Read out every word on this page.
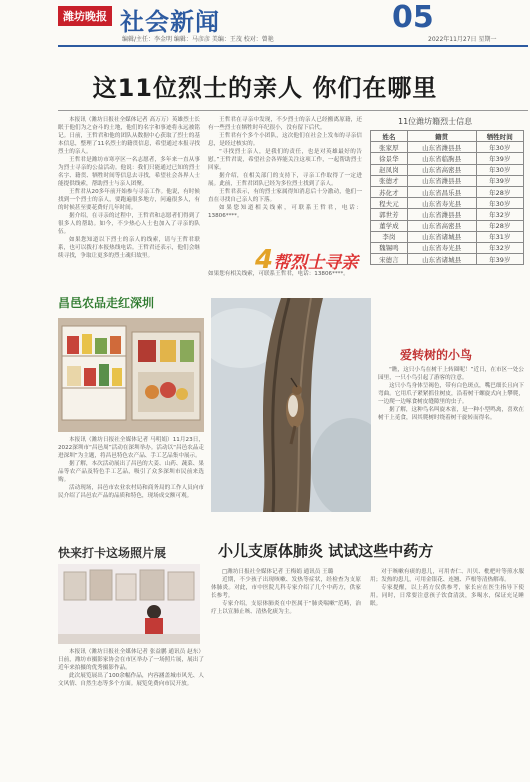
潍坊晚报 社会新闻	05
编辑/主任：李金明 编辑：马彦彦 美编：王茂 校对：曾艳	2022年11月27日 星期一
这11位烈士的亲人 你们在哪里

本报讯（潍坊日报社全媒体记者 高万万）英雄烈士长眠于他们为之奋斗的土地，他们的名字和事迹将永远被铭记。日前，王哲君和他的团队从数据中心获取了烈士的基本信息，整理了11名烈士的籍贯信息，希望通过本报寻找烈士的亲人。

王哲君是潍坊市寒亭区一名志愿者，多年来一直从事为烈士寻亲的公益活动。他说：我们只能通过已知的烈士名字、籍贯、牺牲时间等信息去寻找，希望社会各界人士能提供线索，帮助烈士与亲人团聚。

王哲君从20多年前开始参与寻亲工作。他说，有时候找到一个烈士的亲人，要跑遍很多地方，问遍很多人，有的时候甚至要花费好几年时间。

据介绍，在寻亲的过程中，王哲君和志愿者们得到了很多人的帮助。如今，不少热心人士也加入了寻亲的队伍。

如果您知道以下烈士的亲人的线索，请与王哲君联系，也可以拨打本报热线电话。王哲君还表示，他们会继续寻找，争取让更多的烈士魂归故里。

王哲君在寻亲中发现，不少烈士的亲人已经搬离原籍，还有一些烈士在牺牲时年纪很小，没有留下后代。

王哲君有个多个小团队，这次他们在社会上发布的寻亲信息，是经过核实的。

“寻找烈士亲人，是我们的责任，也是对英雄最好的告慰。”王哲君说，希望社会各界能关注这项工作，一起帮助烈士回家。

据介绍，在相关部门的支持下，寻亲工作取得了一定进展。此前，王哲君团队已经为多位烈士找到了亲人。

王哲君表示，有的烈士家属得知消息后十分激动，他们一直在寻找自己亲人的下落。

如果您知道相关线索，可联系王哲君，电话：13806****。

11位潍坊籍烈士信息
姓名	籍贯	牺牲时间
张家厚	山东省潍县县	年30岁
徐景华	山东省临朐县	年39岁
赵凤岗	山东省高密县	年30岁
张德才	山东省潍县县	年39岁
苏化才	山东省昌乐县	年28岁
程夫元	山东省寿光县	年30岁
郭世芳	山东省潍县县	年32岁
董学成	山东省高密县	年28岁
李岗	山东省诸城县	年31岁
魏锡鸣	山东省寿光县	年32岁
宋德言	山东省诸城县	年39岁
4帮烈士寻亲
如果您有相关线索，可联系王哲君，电话：13806****。
昌邑农品走红深圳

本报讯（潍坊日报社全媒体记者 马明娟）11月23日，2022深圳市“昌邑周”活动在深圳举办。活动以“昌邑农品走进深圳”为主题，将昌邑特色农产品、手工艺品集中展示。

据了解，本次活动展出了昌邑的大姜、山药、蔬菜、果品等农产品及特色手工艺品，吸引了众多深圳市民前来选购。

活动现场，昌邑市农业农村局和商务局的工作人员向市民介绍了昌邑农产品的品质和特色，现场成交额可观。

爱转树的小鸟

“瞧，这只小鸟在树干上转圈呢！”近日，在市区一处公园里，一只小鸟引起了游客的注意。

这只小鸟身体呈褐色，带有白色斑点，嘴巴细长且向下弯曲。它用爪子紧紧抓住树皮，沿着树干螺旋式向上攀爬，一边爬一边啄食树皮缝隙里的虫子。

据了解，这种鸟名叫旋木雀，是一种小型鸣禽，喜欢在树干上觅食，因其爬树时绕着树干旋转而得名。

快来打卡这场照片展

本报讯（潍坊日报社全媒体记者 张益鹏 通讯员 赵东）日前，潍坊市摄影家协会在市区举办了一场照片展，展出了近年来拍摄的优秀摄影作品。

此次展览展出了100余幅作品，内容涵盖城市风光、人文风情、自然生态等多个方面。展览免费向市民开放。

小儿支原体肺炎 试试这些中药方

□潍坊日报社全媒体记者 王梅娟 通讯员 王璐

近期，不少孩子出现咳嗽、发热等症状，经检查为支原体肺炎。对此，市中医院儿科专家介绍了几个中药方，供家长参考。

专家介绍，支原体肺炎在中医属于“肺炎喘嗽”范畴，治疗上以宣肺止咳、清热化痰为主。

对于咳嗽有痰的患儿，可用杏仁、川贝、枇杷叶等煎水服用；发热的患儿，可用金银花、连翘、芦根等清热解毒。

专家提醒，以上药方仅供参考，家长应在医生指导下使用。同时，日常要注意孩子饮食清淡，多喝水，保证充足睡眠。
